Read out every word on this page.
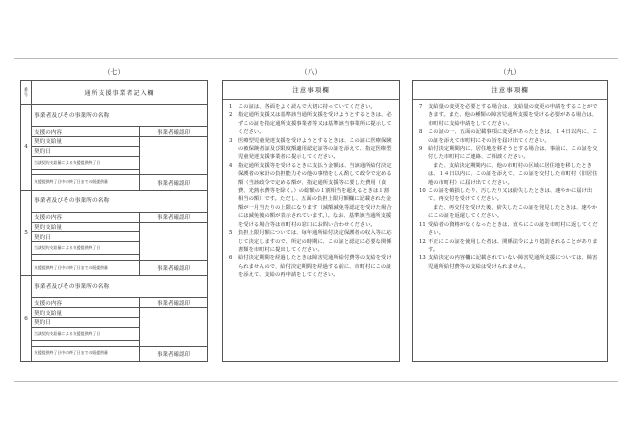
（七）
番号	通所支援事業者記入欄	
4	事業者及びその事業所の名称	
	支援の内容	事業者確認印
	契約支給量	
	契約日	
	当該契約支給量による支援提供終了日	

	支援提供終了日中の終了日までの既提供量	事業者確認印
5	事業者及びその事業所の名称	
	支援の内容	事業者確認印
	契約支給量	
	契約日	
	当該契約支給量による支援提供終了日	

	支援提供終了日中の終了日までの既提供量	事業者確認印
6	事業者及びその事業所の名称	
	支援の内容	事業者確認印
	契約支給量	
	契約日	
	当該契約支給量による支援提供終了日	

	支援提供終了日中の終了日までの既提供量	事業者確認印
（八）
注意事項欄
1	この証は、各面をよく読んで大切に持っていてください。
2	指定通所支援又は基準該当通所支援を受けようとするときは、必ずこの証を指定通所支援事業者等又は基準該当事業所に提示してください。
3	医療型児童発達支援を受けようとするときは、この証に医療保険の被保険者証及び限度額適用認定証等の証を添えて、指定医療型児童発達支援事業者に提示してください。
4	指定通所支援等を受けるときに支払う金額は、当該通所給付決定保護者の家計の負担能力その他の事情をしん酌して政令で定める額（当該政令で定める額が、指定通所支援等に要した費用（食費、光熱水費等を除く。）の総額の１割相当を超えるときは１割相当の額）です。ただし、五面の負担上限月額欄に記載された金額が一月当たりの上限になります（減額減免等認定を受けた場合には減免後の額が表示されています。）。なお、基準該当通所支援を受ける場合等は市町村の窓口にお問い合わせください。
5	負担上限月額については、毎年通所給付決定保護者の収入等に応じて決定しますので、所定の時期に、この証と認定に必要な関係書類を市町村に提出してください。
6	給付決定期間を経過したときは障害児通所給付費等の支給を受けられませんので、給付決定期間を経過する前に、市町村にこの証を添えて、支給の再申請をしてください。
（九）
注意事項欄
7	支給量の変更を必要とする場合は、支給量の変更の申請をすることができます。また、他の種類の障害児通所支援を受ける必要がある場合は、市町村に支給申請をしてください。
8	この証の一、五面の記載事項に変更があったときは、１４日以内に、この証を添えて市町村にその旨を届け出てください。
9	給付決定期間内に、居住地を移そうとする場合は、事前に、この証を交付した市町村にご連絡、ご相談ください。
また、支給決定期間内に、他の市町村の区域に居住地を移したときは、１４日以内に、この証を添えて、この証を交付した市町村（旧居住地の市町村）に届け出てください。
10 この証を破損したり、汚したり又は紛失したときは、速やかに届け出て、再交付を受けてください。
また、再交付を受けた後、紛失したこの証を発見したときは、速やかにこの証を返還してください。
11 受給者の資格がなくなったときは、直ちにこの証を市町村に返してください。
12 不正にこの証を使用した者は、関係法令により処罰されることがあります。
13 支給決定の内容欄に記載されていない障害児通所支援については、障害児通所給付費等の支給は受けられません。
